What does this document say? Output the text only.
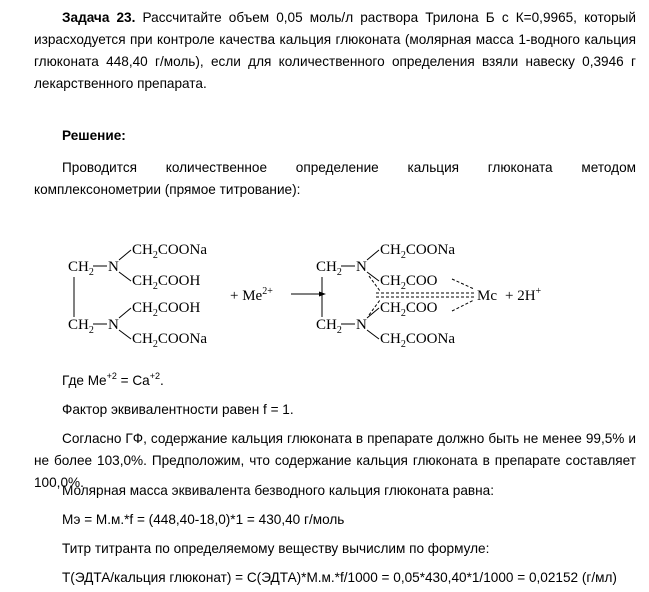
Задача 23. Рассчитайте объем 0,05 моль/л раствора Трилона Б с К=0,9965, который израсходуется при контроле качества кальция глюконата (молярная масса 1-водного кальция глюконата 448,40 г/моль), если для количественного определения взяли навеску 0,3946 г лекарственного препарата.

Решение:

Проводится количественное определение кальция глюконата методом

комплексонометрии (прямое титрование):

$CH_2$ N
$CH_2COONa$
$CH_2COOH$
$CH_2$ N
$CH_2COOH$
$CH_2COONa$
+ $Me^{2+}$
$CH_2$ N
$CH_2COONa$
$CH_2COO$
$CH_2$ N
$CH_2COO$
$CH_2COONa$
Mc + 2H+

Где $Me^{+2} = Ca^{+2}$.

Фактор эквивалентности равен f = 1.

Согласно ГФ, содержание кальция глюконата в препарате должно быть не менее 99,5% и не более 103,0%. Предположим, что содержание кальция глюконата в препарате составляет 100,0%.

Молярная масса эквивалента безводного кальция глюконата равна:

Мэ = М.м.*f = (448,40-18,0)*1 = 430,40 г/моль

Титр титранта по определяемому веществу вычислим по формуле:

Т(ЭДТА/кальция глюконат) = С(ЭДТА)*М.м.*f/1000 = 0,05*430,40*1/1000 = 0,02152 (г/мл)
